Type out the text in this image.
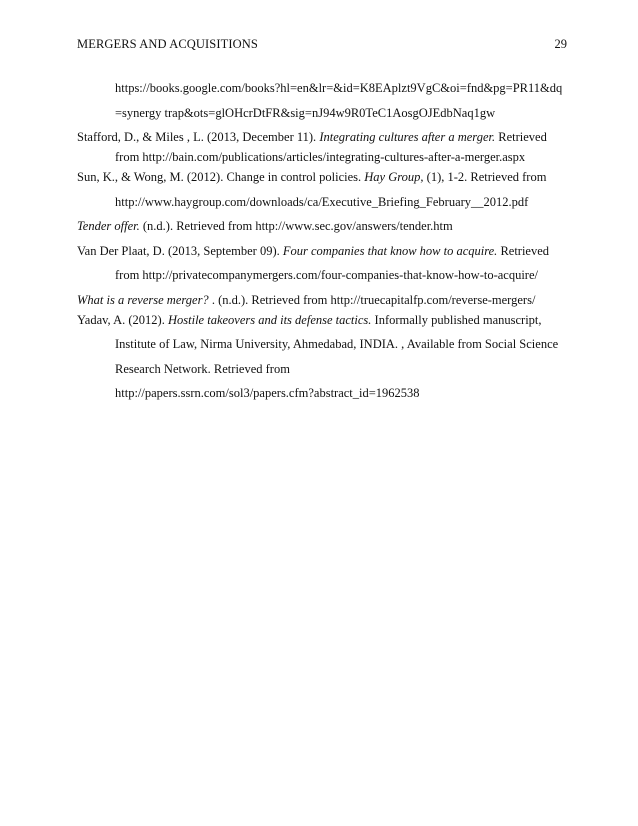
MERGERS AND ACQUISITIONS	29
https://books.google.com/books?hl=en&lr=&id=K8EAplzt9VgC&oi=fnd&pg=PR11&dq
=synergy trap&ots=glOHcrDtFR&sig=nJ94w9R0TeC1AosgOJEdbNaq1gw
Stafford, D., & Miles , L. (2013, December 11). Integrating cultures after a merger. Retrieved
from http://bain.com/publications/articles/integrating-cultures-after-a-merger.aspx
Sun, K., & Wong, M. (2012). Change in control policies. Hay Group, (1), 1-2. Retrieved from
http://www.haygroup.com/downloads/ca/Executive_Briefing_February__2012.pdf
Tender offer. (n.d.). Retrieved from http://www.sec.gov/answers/tender.htm
Van Der Plaat, D. (2013, September 09). Four companies that know how to acquire. Retrieved
from http://privatecompanymergers.com/four-companies-that-know-how-to-acquire/
What is a reverse merger? . (n.d.). Retrieved from http://truecapitalfp.com/reverse-mergers/
Yadav, A. (2012). Hostile takeovers and its defense tactics. Informally published manuscript,
Institute of Law, Nirma University, Ahmedabad, INDIA. , Available from Social Science
Research Network. Retrieved from
http://papers.ssrn.com/sol3/papers.cfm?abstract_id=1962538
